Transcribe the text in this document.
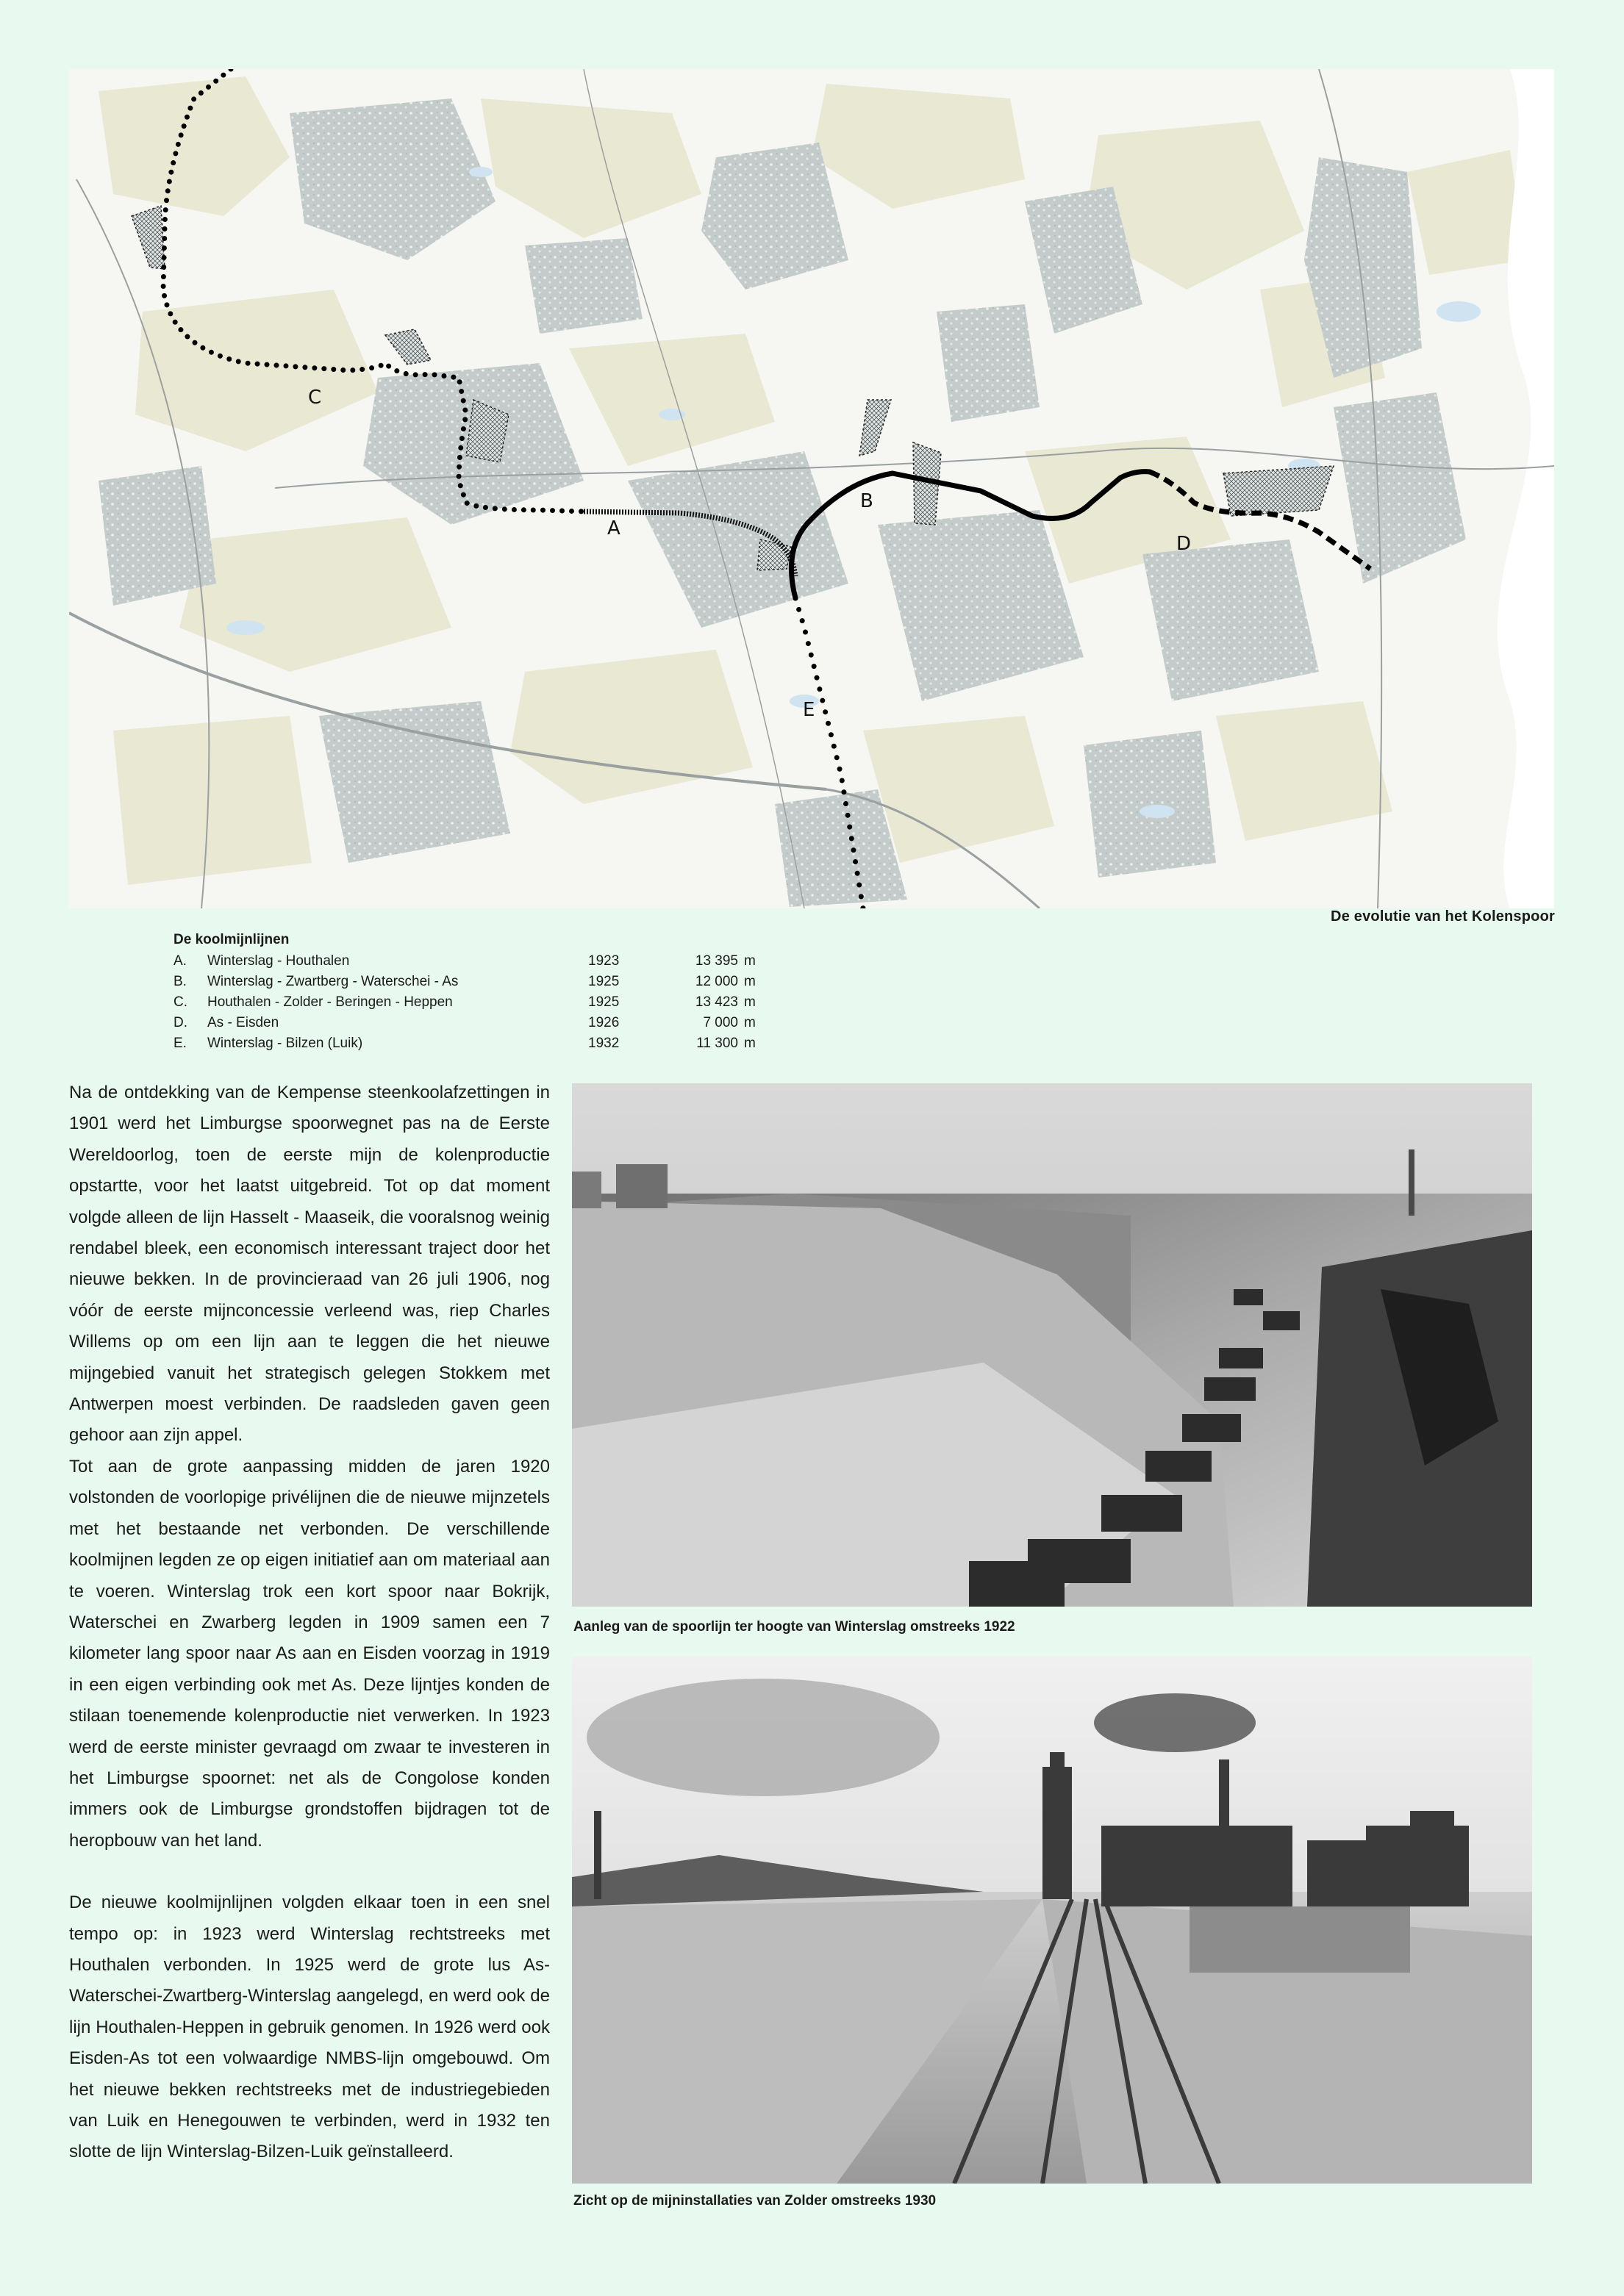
A
B
C
D
E
De evolutie van het Kolenspoor
De koolmijnlijnen
A. Winterslag - Houthalen	1923	13 395 m
B. Winterslag - Zwartberg - Waterschei - As	1925	12 000 m
C. Houthalen - Zolder - Beringen - Heppen	1925	13 423 m
D. As - Eisden	1926	7 000 m
E. Winterslag - Bilzen (Luik)	1932	11 300 m

Na de ontdekking van de Kempense steenkoolafzettingen in 1901 werd het Limburgse spoorwegnet pas na de Eerste Wereldoorlog, toen de eerste mijn de kolenproductie opstartte, voor het laatst uitgebreid. Tot op dat moment volgde alleen de lijn Hasselt - Maaseik, die vooralsnog weinig rendabel bleek, een economisch interessant traject door het nieuwe bekken. In de provincieraad van 26 juli 1906, nog vóór de eerste mijnconcessie verleend was, riep Charles Willems op om een lijn aan te leggen die het nieuwe mijngebied vanuit het strategisch gelegen Stokkem met Antwerpen moest verbinden. De raadsleden gaven geen gehoor aan zijn appel.

Tot aan de grote aanpassing midden de jaren 1920 volstonden de voorlopige privélijnen die de nieuwe mijnzetels met het bestaande net verbonden. De verschillende koolmijnen legden ze op eigen initiatief aan om materiaal aan te voeren. Winterslag trok een kort spoor naar Bokrijk, Waterschei en Zwarberg legden in 1909 samen een 7 kilometer lang spoor naar As aan en Eisden voorzag in 1919 in een eigen verbinding ook met As. Deze lijntjes konden de stilaan toenemende kolenproductie niet verwerken. In 1923 werd de eerste minister gevraagd om zwaar te investeren in het Limburgse spoornet: net als de Congolose konden immers ook de Limburgse grondstoffen bijdragen tot de heropbouw van het land.

De nieuwe koolmijnlijnen volgden elkaar toen in een snel tempo op: in 1923 werd Winterslag rechtstreeks met Houthalen verbonden. In 1925 werd de grote lus As-Waterschei-Zwartberg-Winterslag aangelegd, en werd ook de lijn Houthalen-Heppen in gebruik genomen. In 1926 werd ook Eisden-As tot een volwaardige NMBS-lijn omgebouwd. Om het nieuwe bekken rechtstreeks met de industriegebieden van Luik en Henegouwen te verbinden, werd in 1932 ten slotte de lijn Winterslag-Bilzen-Luik geïnstalleerd.

Aanleg van de spoorlijn ter hoogte van Winterslag omstreeks 1922
Zicht op de mijninstallaties van Zolder omstreeks 1930
